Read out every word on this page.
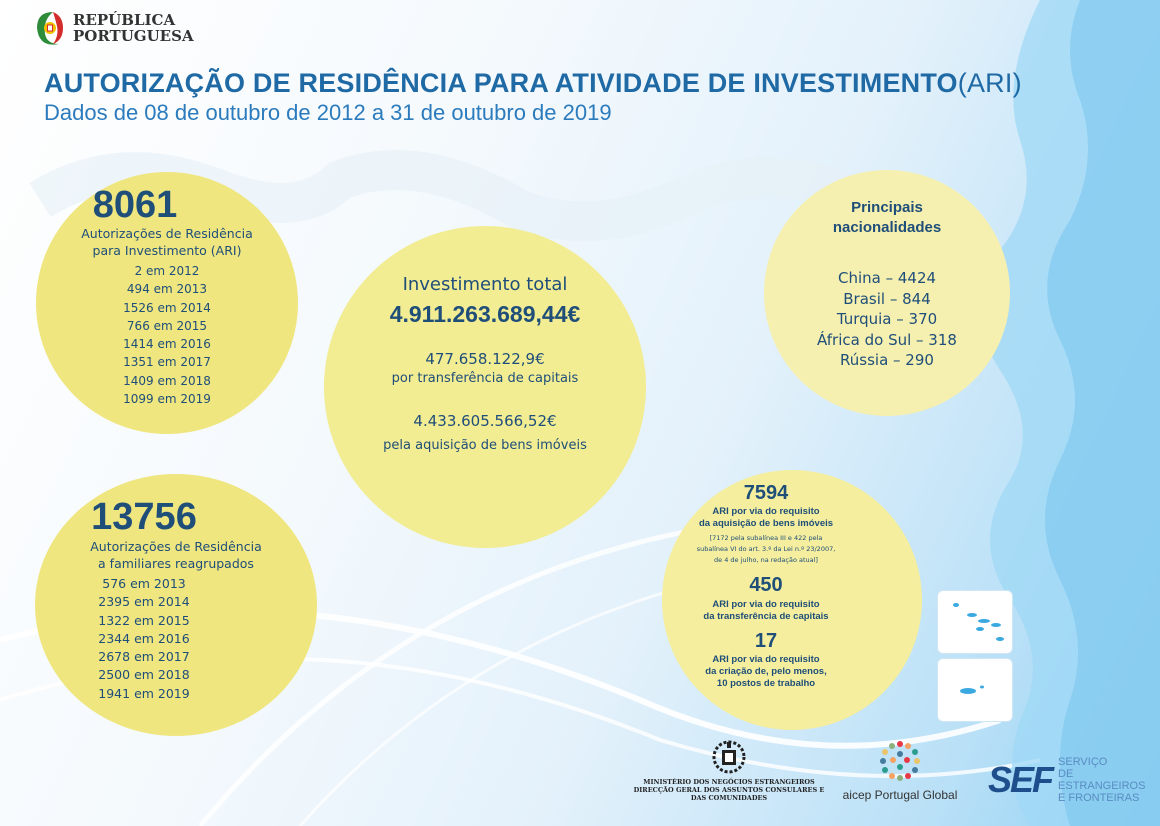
REPÚBLICA
PORTUGUESA
AUTORIZAÇÃO DE RESIDÊNCIA PARA ATIVIDADE DE INVESTIMENTO(ARI)
Dados de 08 de outubro de 2012 a 31 de outubro de 2019
8061
Autorizações de Residência
para Investimento (ARI)
2 em 2012
494 em 2013
1526 em 2014
766 em 2015
1414 em 2016
1351 em 2017
1409 em 2018
1099 em 2019
13756
Autorizações de Residência
a familiares reagrupados
576 em 2013
2395 em 2014
1322 em 2015
2344 em 2016
2678 em 2017
2500 em 2018
1941 em 2019
Investimento total
4.911.263.689,44€
477.658.122,9€
por transferência de capitais
4.433.605.566,52€
pela aquisição de bens imóveis
Principais
nacionalidades
China – 4424
Brasil – 844
Turquia – 370
África do Sul – 318
Rússia – 290
7594
ARI por via do requisito
da aquisição de bens imóveis
[7172 pela subalínea III e 422 pela
subalínea VI do art. 3.º da Lei n.º 23/2007,
de 4 de julho, na redação atual]
450
ARI por via do requisito
da transferência de capitais
17
ARI por via do requisito
da criação de, pelo menos,
10 postos de trabalho
MINISTÉRIO DOS NEGÓCIOS ESTRANGEIROS
DIRECÇÃO GERAL DOS ASSUNTOS CONSULARES E
DAS COMUNIDADES	aicep Portugal Global SEF SERVIÇO
DE ESTRANGEIROS
E FRONTEIRAS
